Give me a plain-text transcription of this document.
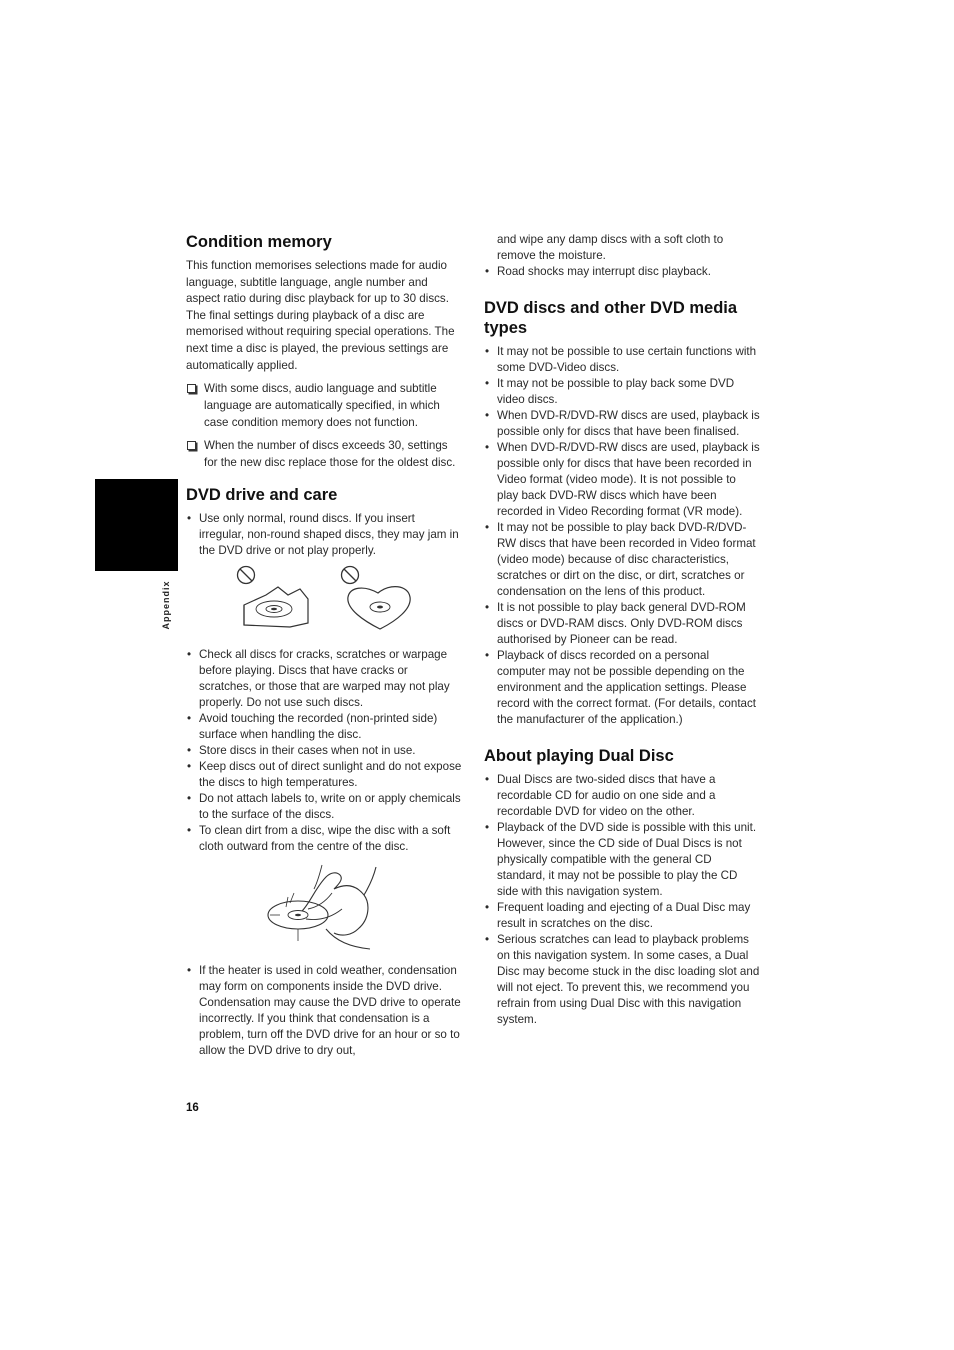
Appendix
Condition memory

This function memorises selections made for audio language, subtitle language, angle number and aspect ratio during disc playback for up to 30 discs. The final settings during playback of a disc are memorised without requiring special operations. The next time a disc is played, the previous settings are automatically applied.

With some discs, audio language and subtitle language are automatically specified, in which case condition memory does not function.
When the number of discs exceeds 30, settings for the new disc replace those for the oldest disc.
DVD drive and care
• Use only normal, round discs. If you insert irregular, non-round shaped discs, they may jam in the DVD drive or not play properly.
• Check all discs for cracks, scratches or warpage before playing. Discs that have cracks or scratches, or those that are warped may not play properly. Do not use such discs.
• Avoid touching the recorded (non-printed side) surface when handling the disc.
• Store discs in their cases when not in use.
• Keep discs out of direct sunlight and do not expose the discs to high temperatures.
• Do not attach labels to, write on or apply chemicals to the surface of the discs.
• To clean dirt from a disc, wipe the disc with a soft cloth outward from the centre of the disc.
• If the heater is used in cold weather, condensation may form on components inside the DVD drive. Condensation may cause the DVD drive to operate incorrectly. If you think that condensation is a problem, turn off the DVD drive for an hour or so to allow the DVD drive to dry out,
16
and wipe any damp discs with a soft cloth to remove the moisture.
• Road shocks may interrupt disc playback.
DVD discs and other DVD media types
• It may not be possible to use certain functions with some DVD-Video discs.
• It may not be possible to play back some DVD video discs.
• When DVD-R/DVD-RW discs are used, playback is possible only for discs that have been finalised.
• When DVD-R/DVD-RW discs are used, playback is possible only for discs that have been recorded in Video format (video mode). It is not possible to play back DVD-RW discs which have been recorded in Video Recording format (VR mode).
• It may not be possible to play back DVD-R/DVD-RW discs that have been recorded in Video format (video mode) because of disc characteristics, scratches or dirt on the disc, or dirt, scratches or condensation on the lens of this product.
• It is not possible to play back general DVD-ROM discs or DVD-RAM discs. Only DVD-ROM discs authorised by Pioneer can be read.
• Playback of discs recorded on a personal computer may not be possible depending on the environment and the application settings. Please record with the correct format. (For details, contact the manufacturer of the application.)
About playing Dual Disc
• Dual Discs are two-sided discs that have a recordable CD for audio on one side and a recordable DVD for video on the other.
• Playback of the DVD side is possible with this unit. However, since the CD side of Dual Discs is not physically compatible with the general CD standard, it may not be possible to play the CD side with this navigation system.
• Frequent loading and ejecting of a Dual Disc may result in scratches on the disc.
• Serious scratches can lead to playback problems on this navigation system. In some cases, a Dual Disc may become stuck in the disc loading slot and will not eject. To prevent this, we recommend you refrain from using Dual Disc with this navigation system.
